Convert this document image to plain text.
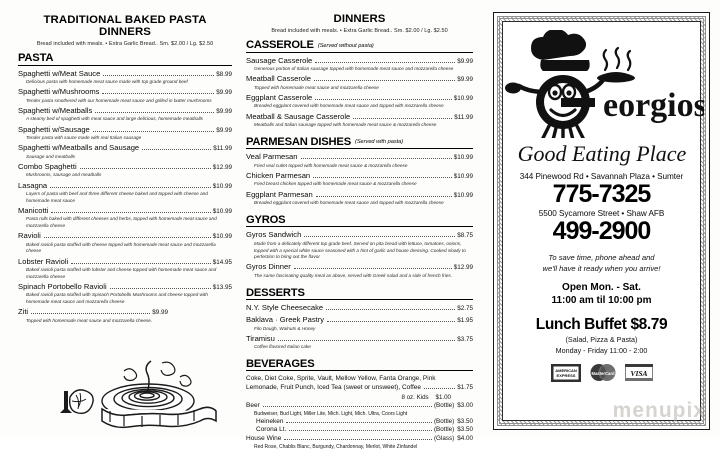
TRADITIONAL BAKED PASTA DINNERS
Bread included with meals. • Extra Garlic Bread.. Sm. $2.00 / Lg. $2.50
PASTA
Spaghetti w/Meat Sauce	$8.99
Delicious pasta with homemade meat sauce made with top grade ground beef
Spaghetti w/Mushrooms	$9.99
Tender pasta smothered with our homemade meat sauce and grilled in butter mushrooms
Spaghetti w/Meatballs	$9.99
A steamy bed of spaghetti with meat sauce and large delicious, homemade meatballs
Spaghetti w/Sausage	$9.99
Tender pasta with sauce made with real Italian sausage
Spaghetti w/Meatballs and Sausage	$11.99
Sausage and meatballs
Combo Spaghetti	$12.99
Mushrooms, sausage and meatballs
Lasagna	$10.99
Layers of pasta with beef and three different cheese baked and topped with cheese and homemade meat sauce
Manicotti	$10.99
Pasta rolls baked with different cheeses and herbs, topped with homemade meat sauce and mozzarella cheese
Ravioli	$10.99
Baked ravioli pasta stuffed with cheese topped with homemade meat sauce and mozzarella cheese
Lobster Ravioli	$14.95
Baked ravioli pasta stuffed with lobster and cheese topped with homemade meat sauce and mozzarella cheese
Spinach Portobello Ravioli	$13.95
Baked ravioli pasta stuffed with Spinach Portobello Mushrooms and cheese topped with homemade meat sauce and mozzarella cheese
Ziti	$9.99
Topped with homemade meat sauce and mozzarella cheese.
DINNERS
Bread included with meals. • Extra Garlic Bread.. Sm. $2.00 / Lg. $2.50
CASSEROLE (Served without pasta)
Sausage Casserole	$9.99
Generous portion of Italian sausage topped with homemade meat sauce and mozzarella cheese
Meatball Casserole	$9.99
Topped with homemade meat sauce and mozzarella cheese
Eggplant Casserole	$10.99
Breaded eggplant covered with homemade meat sauce and topped with mozzarella cheese
Meatball & Sausage Casserole	$11.99
Meatballs and Italian sausage topped with homemade meat sauce & mozzarella cheese
PARMESAN DISHES (Served with pasta)
Veal Parmesan	$10.99
Fried veal cutlet topped with homemade meat sauce & mozzarella cheese
Chicken Parmesan	$10.99
Fried breast chicken topped with homemade meat sauce & mozzarella cheese
Eggplant Parmesan	$10.99
Breaded eggplant covered with homemade meat sauce and topped with mozzarella cheese
GYROS
Gyros Sandwich	$8.75
Made from a delicately different top grade beef. Served on pita bread with lettuce, tomatoes, onions, topped with a special white sauce seasoned with a hint of garlic and house dressing. Cooked slowly to perfection to bring out the flavor
Gyros Dinner	$12.99
The same fascinating quality meal as above, served with Greek salad and a side of french fries.
DESSERTS
N.Y. Style Cheesecake	$2.75
Baklava · Greek Pastry	$1.95
Filo Dough, Walnuts & Honey
Tiramisu	$3.75
Coffee flavored Italian cake
BEVERAGES
Coke, Diet Coke, Sprite, Vault, Mellow Yellow, Fanta Orange, Pink
Lemonade, Fruit Punch, Iced Tea (sweet or unsweet), Coffee	$1.75
8 oz. Kids $1.00
Beer	(Bottle) $3.00
Budweiser, Bud Light, Miller Lite, Mich. Light, Mich. Ultra, Coors Light
Heineken	(Bottle) $3.50
Corona Lt.	(Bottle) $3.50
House Wine	(Glass) $4.00
Red Rose, Chablis Blanc, Burgundy, Chardonnay, Merlot, White Zinfandel
eorgios
Good Eating Place
344 Pinewood Rd • Savannah Plaza • Sumter
775-7325
5500 Sycamore Street • Shaw AFB
499-2900
To save time, phone ahead and
we'll have it ready when you arrive!
Open Mon. - Sat.
11:00 am til 10:00 pm
Lunch Buffet $8.79
(Salad, Pizza & Pasta)
Monday - Friday 11:00 - 2:00
AMERICAN
EXPRESS	MasterCard VISA
menupix
